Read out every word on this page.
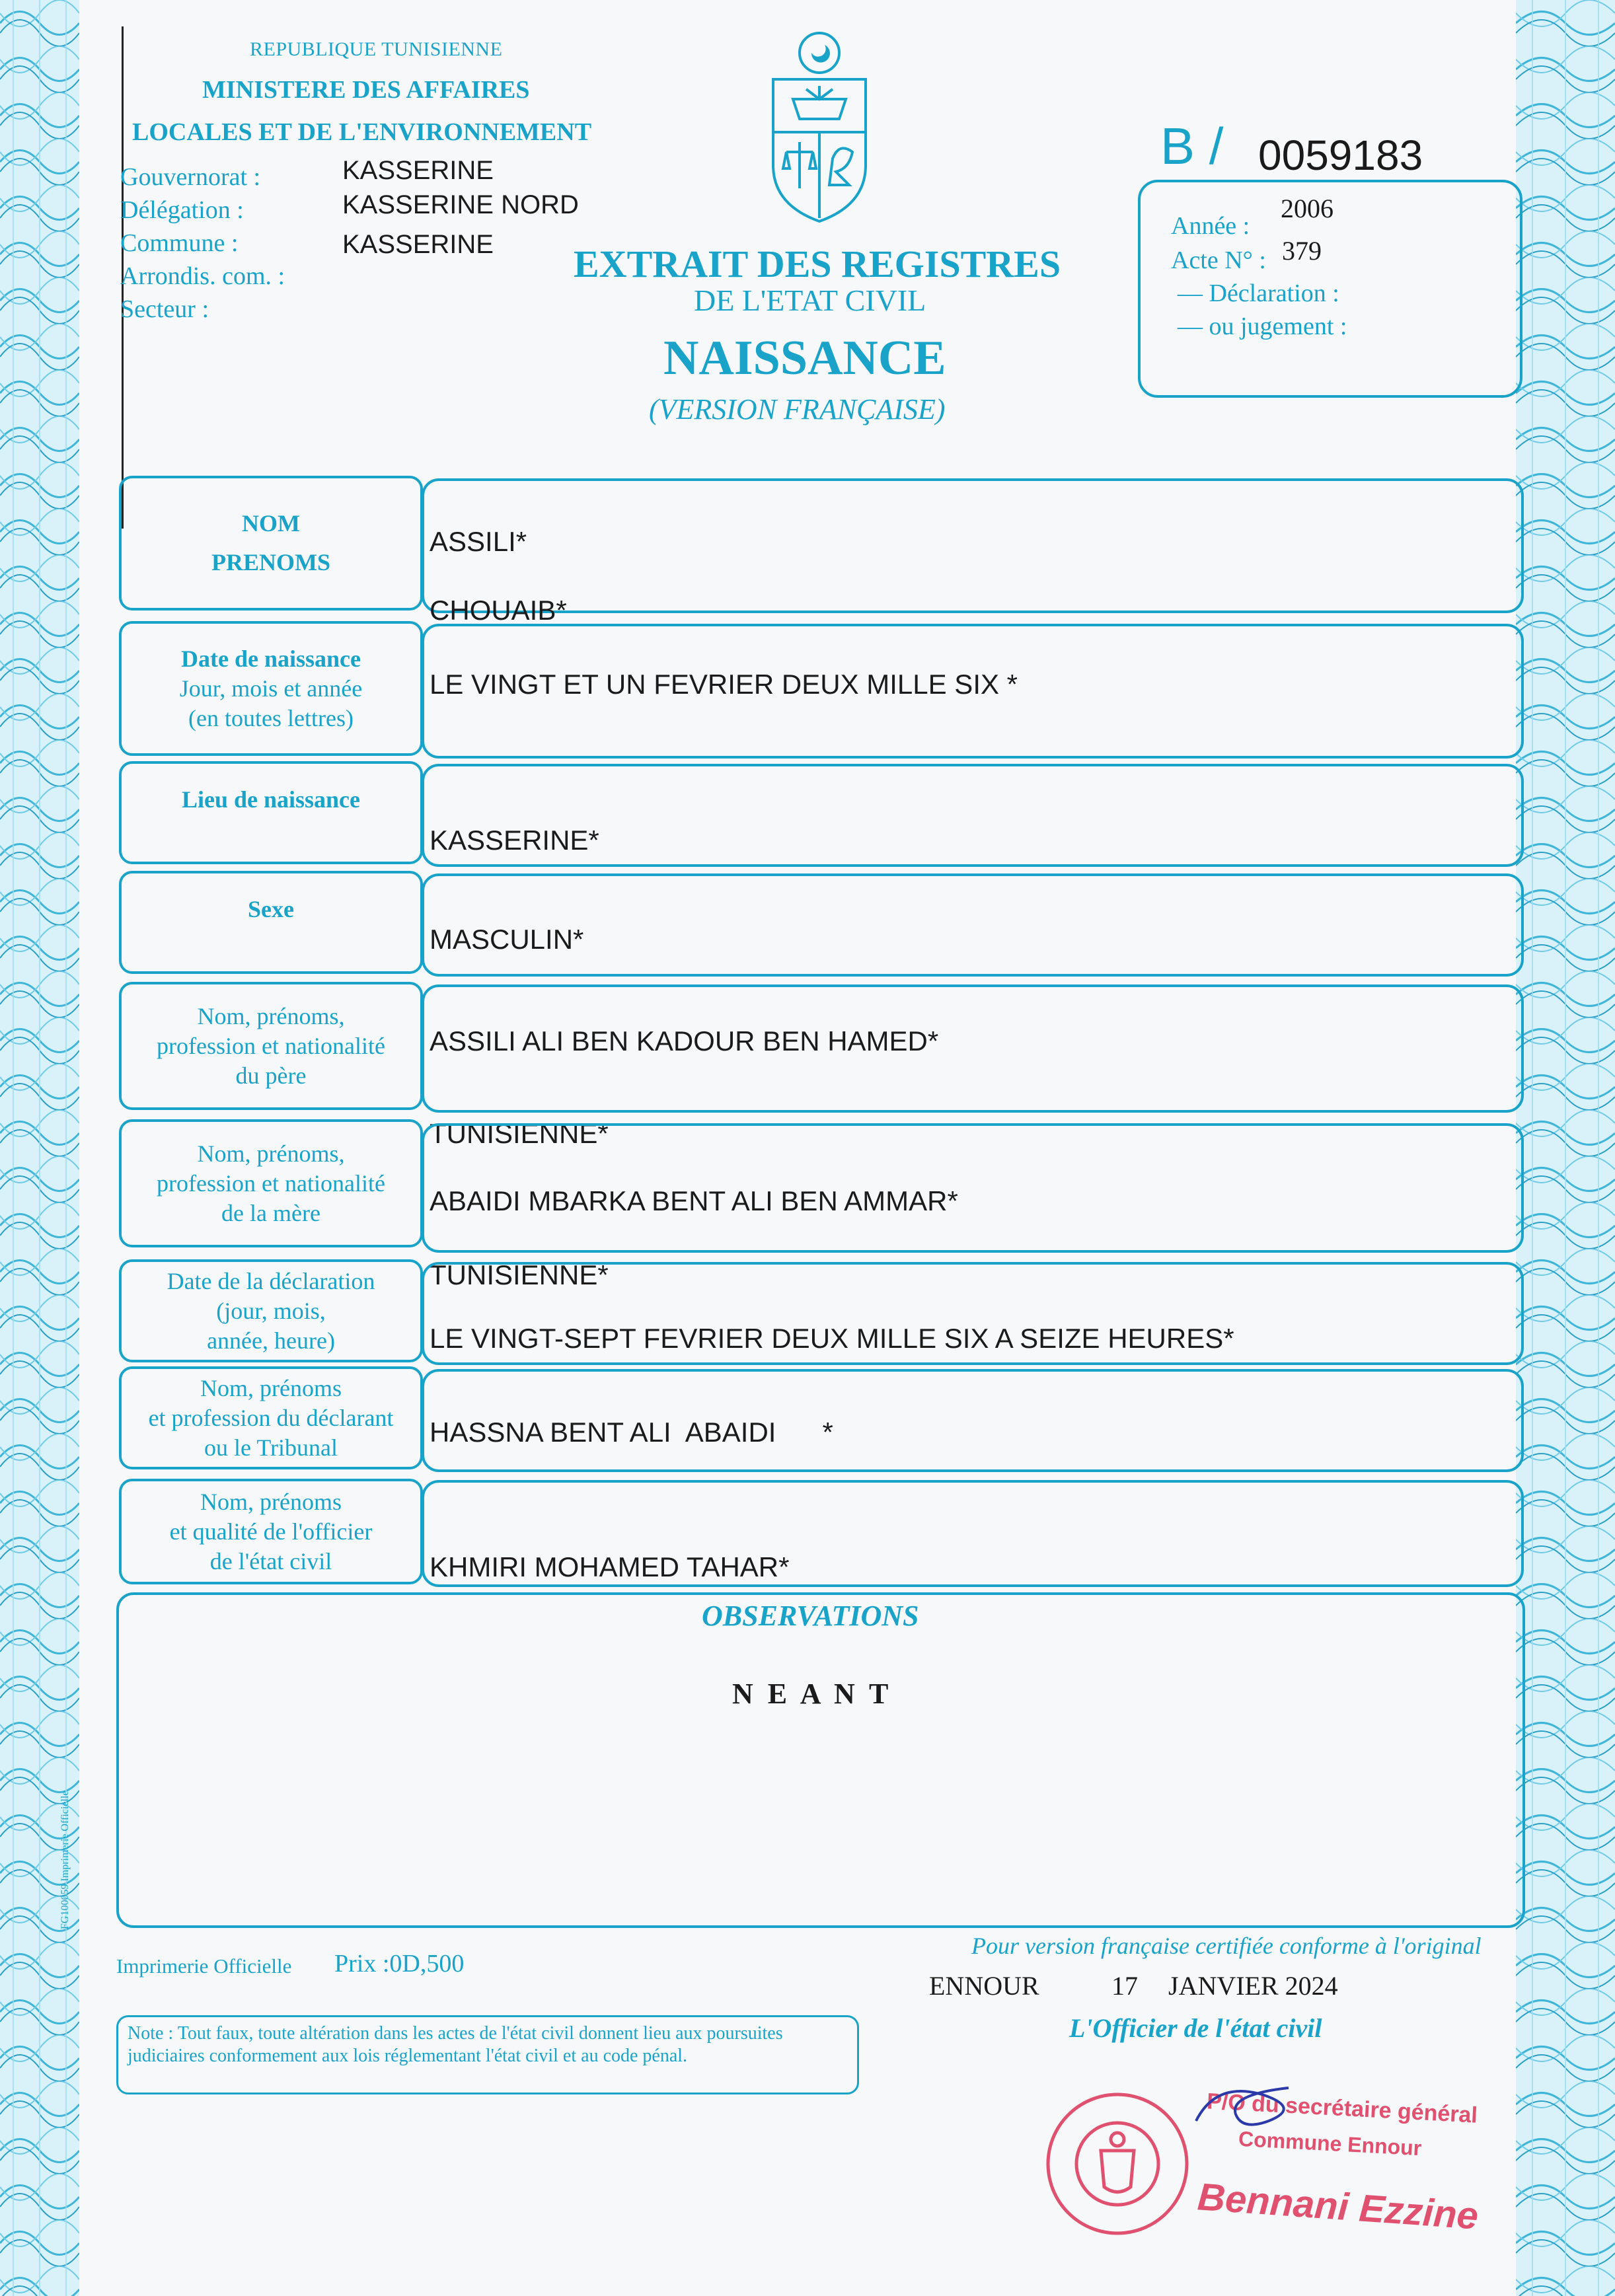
REPUBLIQUE TUNISIENNE
MINISTERE DES AFFAIRES
LOCALES ET DE L'ENVIRONNEMENT
Gouvernorat :	KASSERINE
Délégation :	KASSERINE NORD
Commune :	KASSERINE
Arrondis. com. :
Secteur :
EXTRAIT DES REGISTRES
DE L'ETAT CIVIL
NAISSANCE
(VERSION FRANÇAISE)
B / 0059183
Année :
2006
Acte N° : 379
— Déclaration :
— ou jugement :
NOM
PRENOMS
ASSILI*
CHOUAIB*
Date de naissance
Jour, mois et année
(en toutes lettres)
LE VINGT ET UN FEVRIER DEUX MILLE SIX *
Lieu de naissance
KASSERINE*
Sexe
MASCULIN*
Nom, prénoms,
profession et nationalité
du père
ASSILI ALI BEN KADOUR BEN HAMED*
TUNISIENNE*
Nom, prénoms,
profession et nationalité
de la mère	ABAIDI MBARKA BENT ALI BEN AMMAR*
TUNISIENNE*
Date de la déclaration
(jour, mois,
année, heure)	LE VINGT-SEPT FEVRIER DEUX MILLE SIX A SEIZE HEURES*
Nom, prénoms
et profession du déclarant
ou le Tribunal	HASSNA BENT ALI  ABAIDI      *
Nom, prénoms
et qualité de l'officier
de l'état civil	KHMIRI MOHAMED TAHAR*
OBSERVATIONS
N  E  A  N  T
FG100059 Imprimerie Officielle
Imprimerie Officielle Prix :0D,500
Pour version française certifiée conforme à l'original
ENNOUR	17 JANVIER 2024
L'Officier de l'état civil
Note : Tout faux, toute altération dans les actes de l'état civil donnent lieu aux poursuites judiciaires conformement aux lois réglementant l'état civil et au code pénal.
P/O du secrétaire général
Commune Ennour
Bennani Ezzine
